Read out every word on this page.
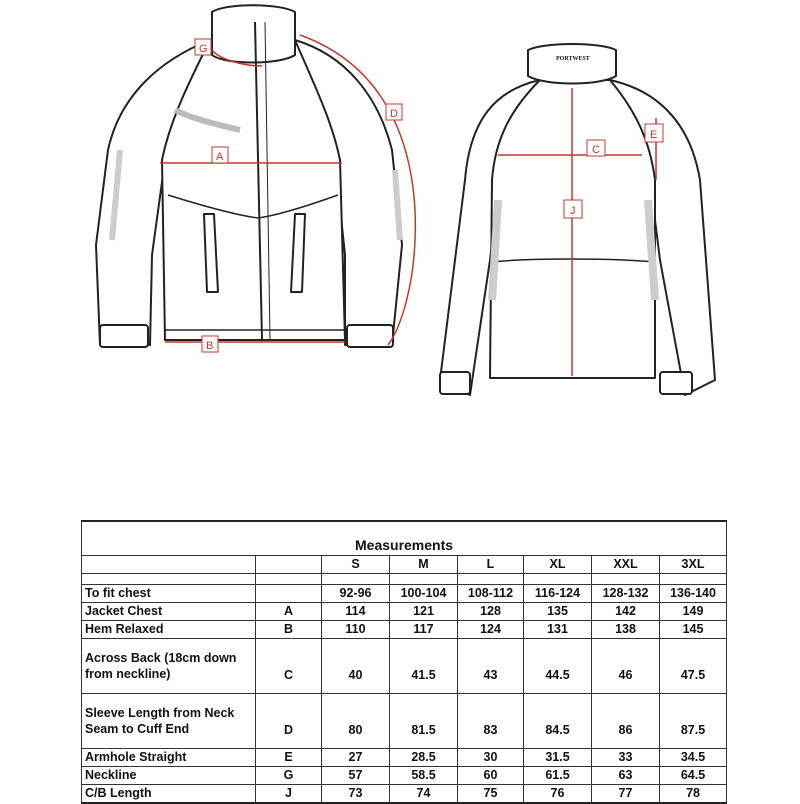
PORTWEST
A
B
D
G
C
E
J
Measurements							
		S	M	L	XL	XXL	3XL

To fit chest		92-96	100-104	108-112	116-124	128-132	136-140
Jacket Chest	A	114	121	128	135	142	149
Hem Relaxed	B	110	117	124	131	138	145
Across Back (18cm down
from neckline)	C	40	41.5	43	44.5	46	47.5
Sleeve Length from Neck
Seam to Cuff End	D	80	81.5	83	84.5	86	87.5
Armhole Straight	E	27	28.5	30	31.5	33	34.5
Neckline	G	57	58.5	60	61.5	63	64.5
C/B Length	J	73	74	75	76	77	78
